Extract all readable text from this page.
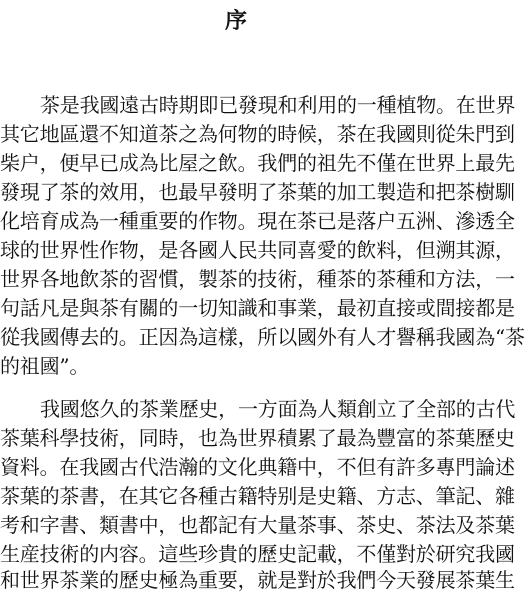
序
茶是我國遠古時期即已發現和利用的一種植物。在世界
其它地區還不知道茶之為何物的時候，茶在我國則從朱門到
柴户，便早已成為比屋之飲。我們的祖先不僅在世界上最先
發現了茶的效用，也最早發明了茶葉的加工製造和把茶樹馴
化培育成為一種重要的作物。現在茶已是落户五洲、滲透全
球的世界性作物，是各國人民共同喜愛的飲料，但溯其源，
世界各地飲茶的習慣，製茶的技術，種茶的茶種和方法，一
句話凡是與茶有關的一切知識和事業，最初直接或間接都是
從我國傳去的。正因為這樣，所以國外有人才譽稱我國為“茶
的祖國”。
我國悠久的茶業歷史，一方面為人類創立了全部的古代
茶葉科學技術，同時，也為世界積累了最為豐富的茶葉歷史
資料。在我國古代浩瀚的文化典籍中，不但有許多專門論述
茶葉的茶書，在其它各種古籍特别是史籍、方志、筆記、雜
考和字書、類書中，也都記有大量茶事、茶史、茶法及茶葉
生産技術的内容。這些珍貴的歷史記載，不僅對於研究我國
和世界茶業的歷史極為重要，就是對於我們今天發展茶葉生
